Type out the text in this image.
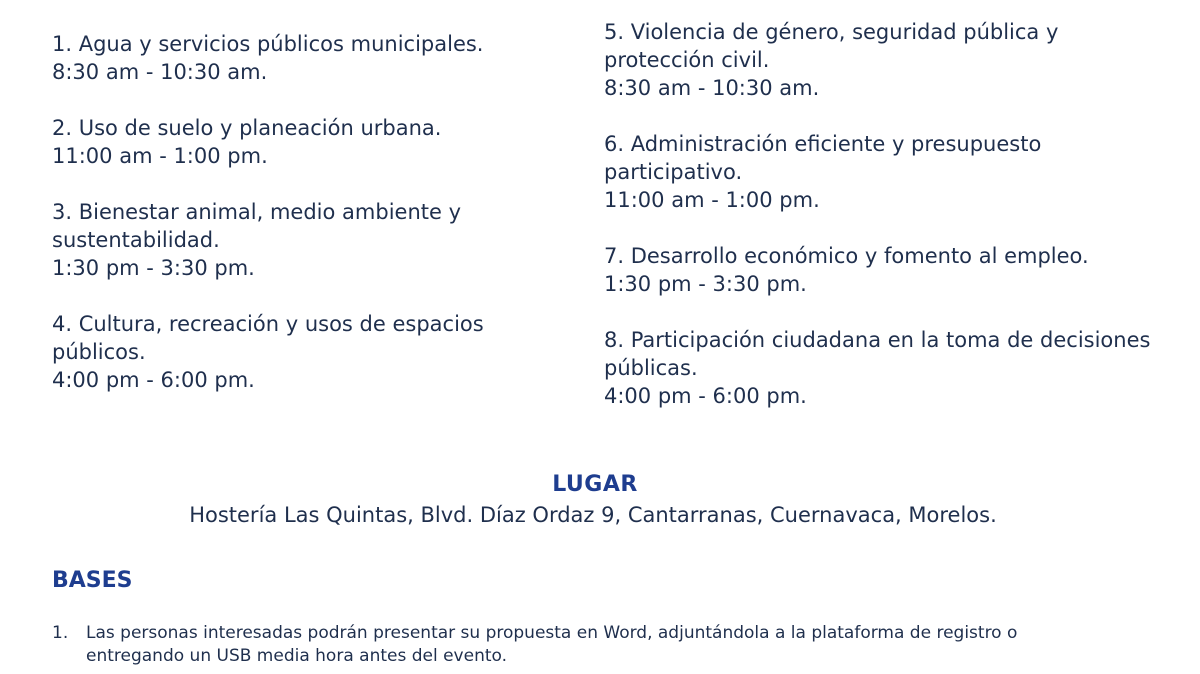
1. Agua y servicios públicos municipales.
8:30 am - 10:30 am.
2. Uso de suelo y planeación urbana.
11:00 am - 1:00 pm.
3. Bienestar animal, medio ambiente y sustentabilidad.
1:30 pm - 3:30 pm.
4. Cultura, recreación y usos de espacios públicos.
4:00 pm - 6:00 pm.
5. Violencia de género, seguridad pública y protección civil.
8:30 am - 10:30 am.
6. Administración eficiente y presupuesto participativo.
11:00 am - 1:00 pm.
7. Desarrollo económico y fomento al empleo.
1:30 pm - 3:30 pm.
8. Participación ciudadana en la toma de decisiones públicas.
4:00 pm - 6:00 pm.
LUGAR
Hostería Las Quintas, Blvd. Díaz Ordaz 9, Cantarranas, Cuernavaca, Morelos.
BASES
1.	Las personas interesadas podrán presentar su propuesta en Word, adjuntándola a la plataforma de registro o entregando un USB media hora antes del evento.
